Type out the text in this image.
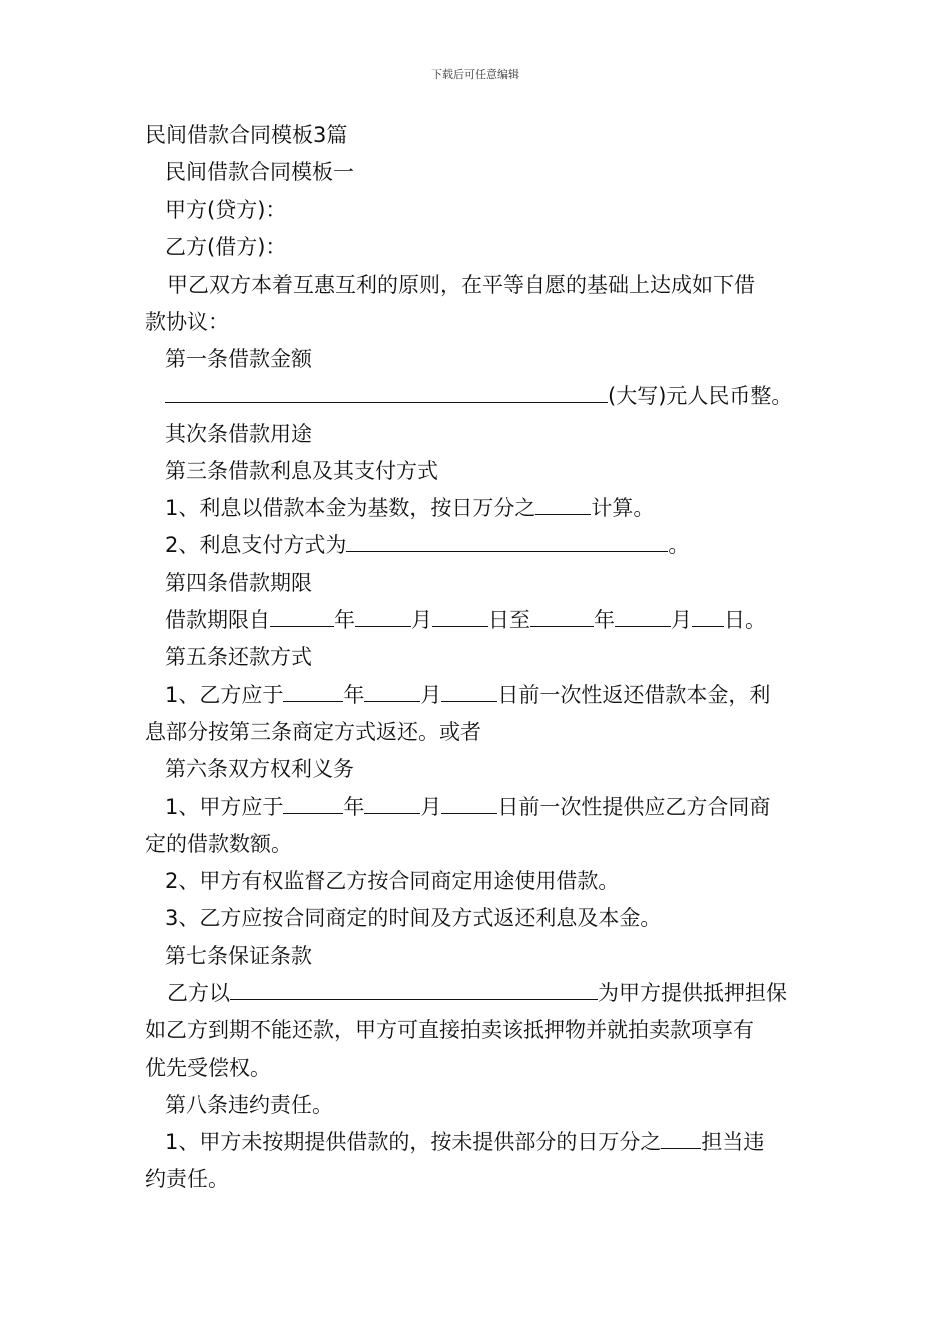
下载后可任意编辑
民间借款合同模板3篇
民间借款合同模板一
甲方(贷方)：
乙方(借方)：
甲乙双方本着互惠互利的原则，在平等自愿的基础上达成如下借
款协议：
第一条借款金额
(大写)元人民币整。
其次条借款用途
第三条借款利息及其支付方式
1、利息以借款本金为基数，按日万分之	计算。
2、利息支付方式为	。
第四条借款期限
借款期限自	年	月	日至	年	月 日。
第五条还款方式
1、乙方应于	年	月	日前一次性返还借款本金，利
息部分按第三条商定方式返还。或者
第六条双方权利义务
1、甲方应于	年	月	日前一次性提供应乙方合同商
定的借款数额。
2、甲方有权监督乙方按合同商定用途使用借款。
3、乙方应按合同商定的时间及方式返还利息及本金。
第七条保证条款
乙方以	为甲方提供抵押担保
如乙方到期不能还款，甲方可直接拍卖该抵押物并就拍卖款项享有
优先受偿权。
第八条违约责任。
1、甲方未按期提供借款的，按未提供部分的日万分之 担当违
约责任。
